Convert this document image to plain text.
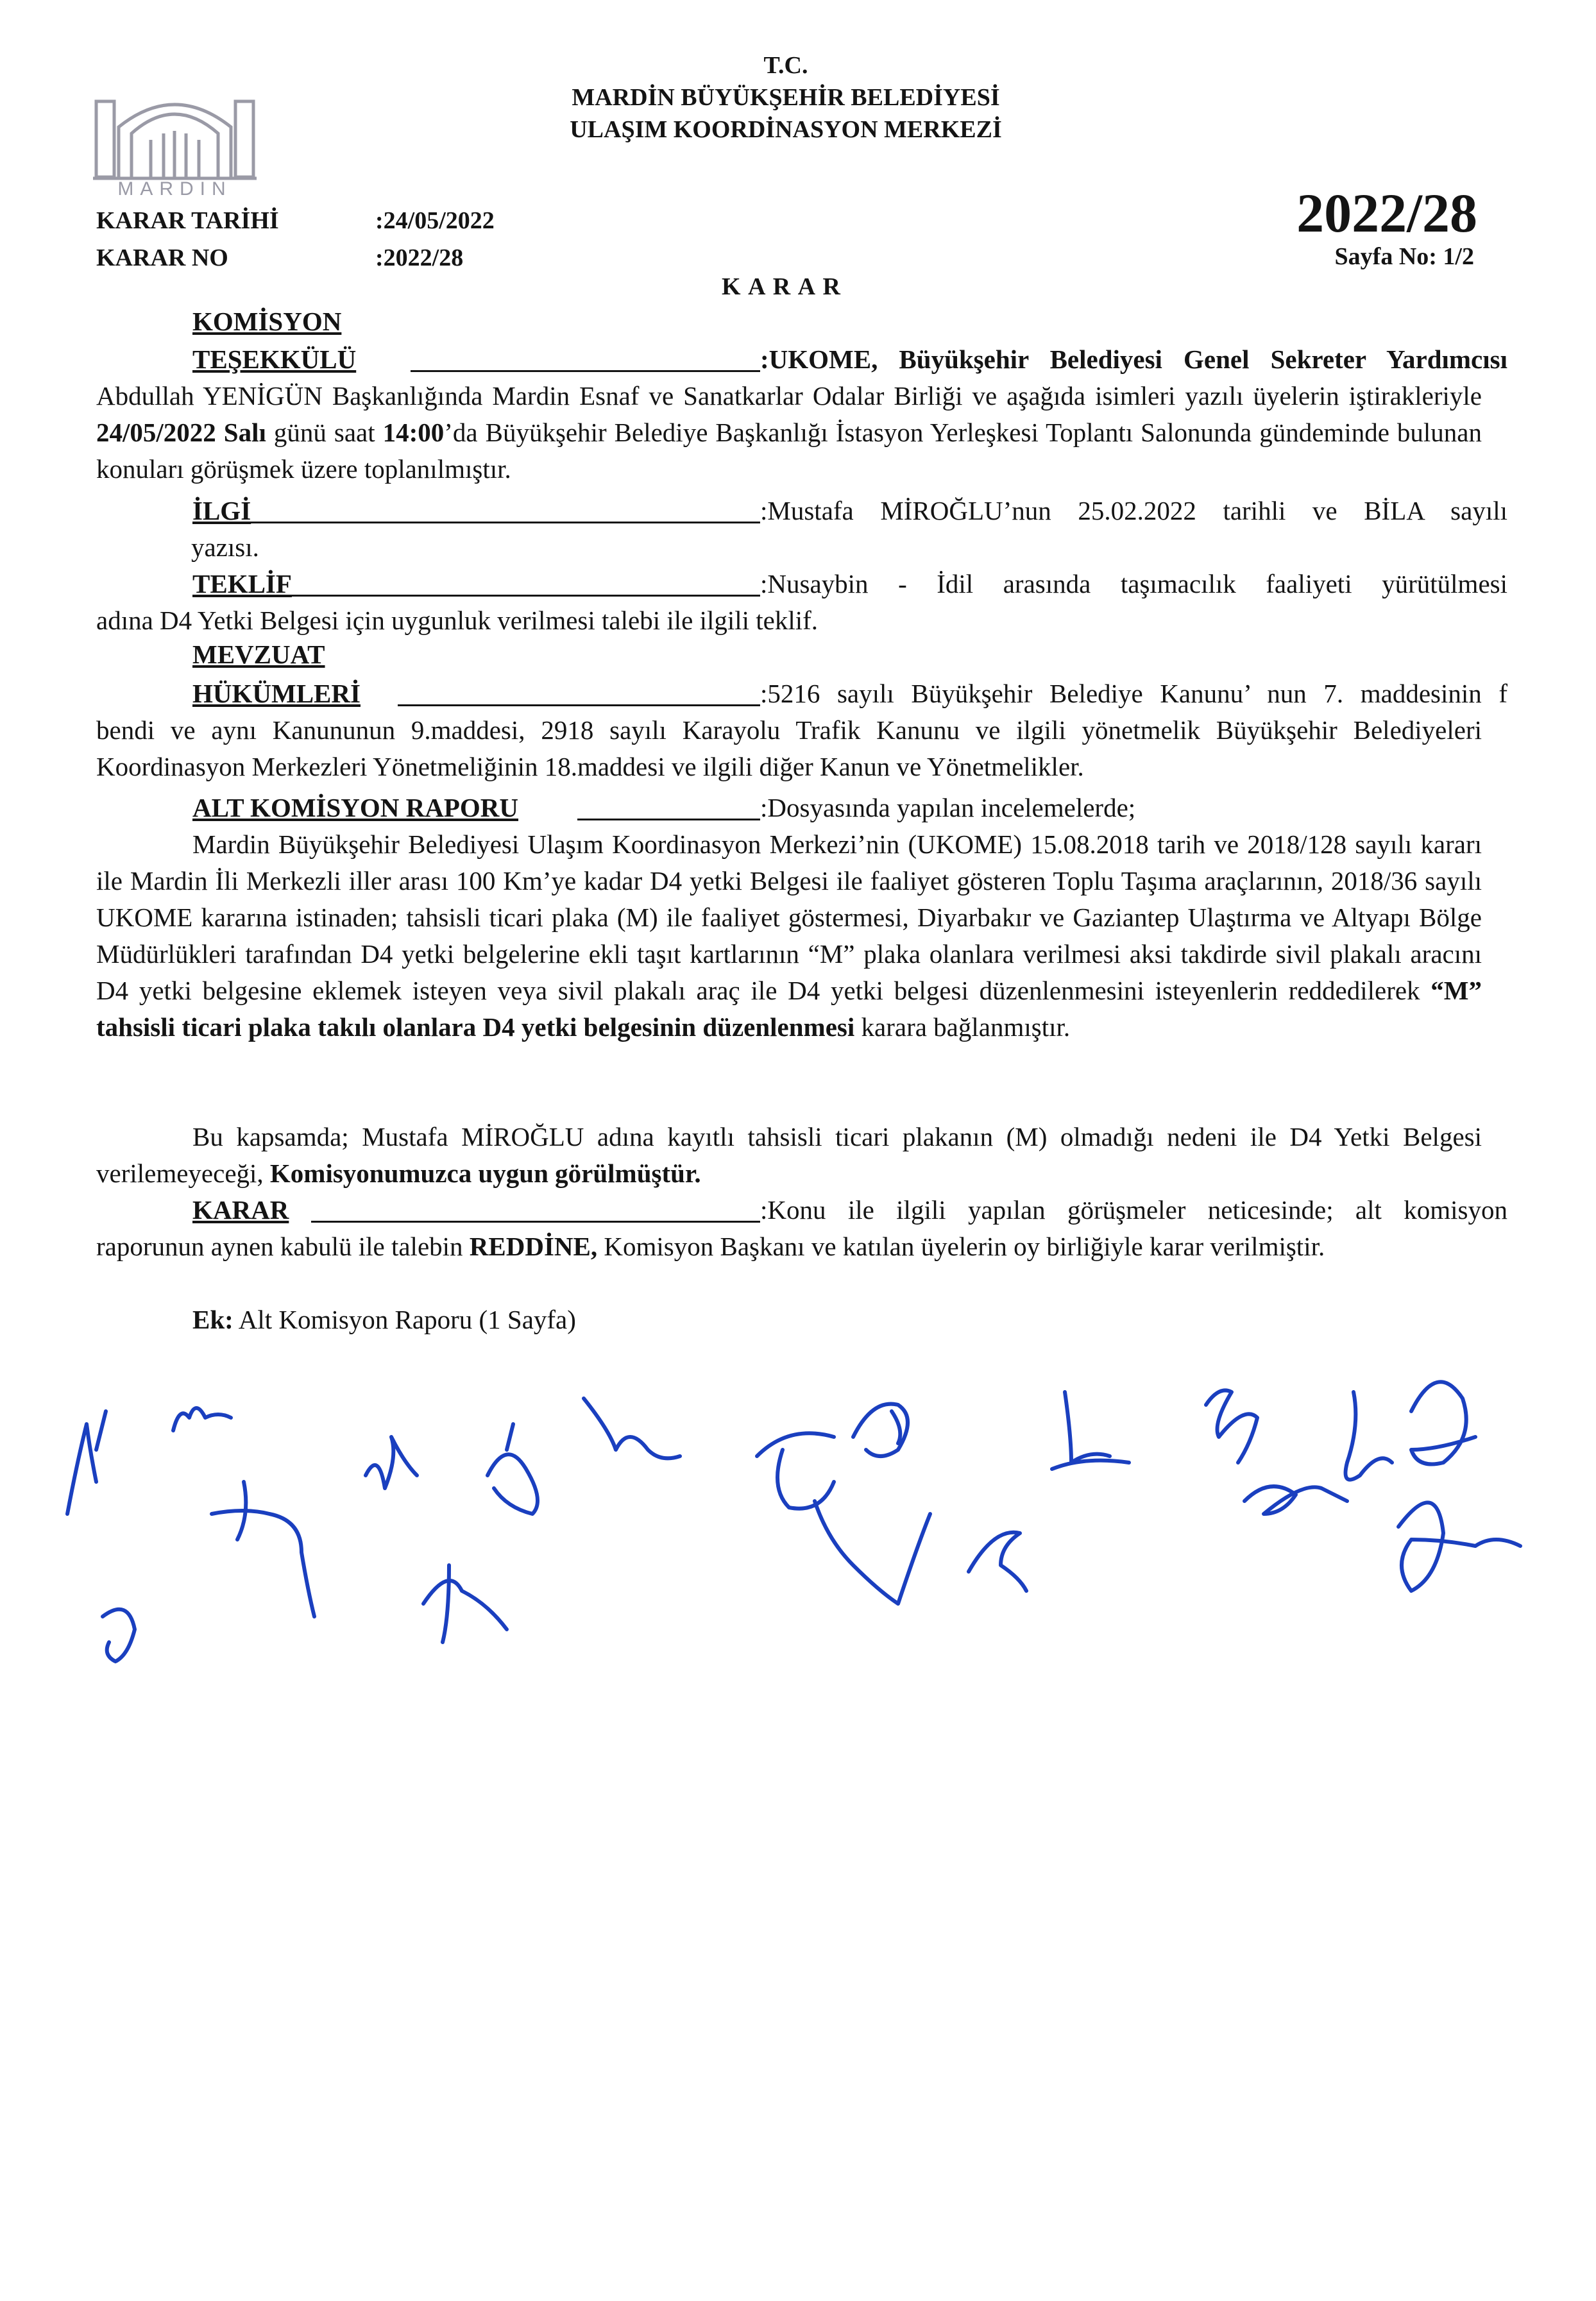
MARDİN
T.C.
MARDİN BÜYÜKŞEHİR BELEDİYESİ
ULAŞIM KOORDİNASYON MERKEZİ
KARAR TARİHİ	:24/05/2022
KARAR NO	:2022/28
2022/28
Sayfa No: 1/2
K A R A R
KOMİSYON
TEŞEKKÜLÜ	:UKOME, Büyükşehir Belediyesi Genel Sekreter Yardımcısı
Abdullah YENİGÜN Başkanlığında Mardin Esnaf ve Sanatkarlar Odalar Birliği ve aşağıda isimleri yazılı üyelerin iştirakleriyle 24/05/2022 Salı günü saat 14:00’da Büyükşehir Belediye Başkanlığı İstasyon Yerleşkesi Toplantı Salonunda gündeminde bulunan konuları görüşmek üzere toplanılmıştır.
İLGİ	:Mustafa MİROĞLU’nun 25.02.2022 tarihli ve BİLA sayılı
yazısı.
TEKLİF	:Nusaybin - İdil arasında taşımacılık faaliyeti yürütülmesi
adına D4 Yetki Belgesi için uygunluk verilmesi talebi ile ilgili teklif.
MEVZUAT
HÜKÜMLERİ	:5216 sayılı Büyükşehir Belediye Kanunu’ nun 7. maddesinin f
bendi ve aynı Kanununun 9.maddesi, 2918 sayılı Karayolu Trafik Kanunu ve ilgili yönetmelik Büyükşehir Belediyeleri Koordinasyon Merkezleri Yönetmeliğinin 18.maddesi ve ilgili diğer Kanun ve Yönetmelikler.
ALT KOMİSYON RAPORU	:Dosyasında yapılan incelemelerde;
Mardin Büyükşehir Belediyesi Ulaşım Koordinasyon Merkezi’nin (UKOME) 15.08.2018 tarih ve 2018/128 sayılı kararı ile Mardin İli Merkezli iller arası 100 Km’ye kadar D4 yetki Belgesi ile faaliyet gösteren Toplu Taşıma araçlarının, 2018/36 sayılı UKOME kararına istinaden; tahsisli ticari plaka (M) ile faaliyet göstermesi, Diyarbakır ve Gaziantep Ulaştırma ve Altyapı Bölge Müdürlükleri tarafından D4 yetki belgelerine ekli taşıt kartlarının “M” plaka olanlara verilmesi aksi takdirde sivil plakalı aracını D4 yetki belgesine eklemek isteyen veya sivil plakalı araç ile D4 yetki belgesi düzenlenmesini isteyenlerin reddedilerek “M” tahsisli ticari plaka takılı olanlara D4 yetki belgesinin düzenlenmesi karara bağlanmıştır.
Bu kapsamda; Mustafa MİROĞLU adına kayıtlı tahsisli ticari plakanın (M) olmadığı nedeni ile D4 Yetki Belgesi verilemeyeceği, Komisyonumuzca uygun görülmüştür.
KARAR	:Konu ile ilgili yapılan görüşmeler neticesinde; alt komisyon
raporunun aynen kabulü ile talebin REDDİNE, Komisyon Başkanı ve katılan üyelerin oy birliğiyle karar verilmiştir.
Ek: Alt Komisyon Raporu (1 Sayfa)
